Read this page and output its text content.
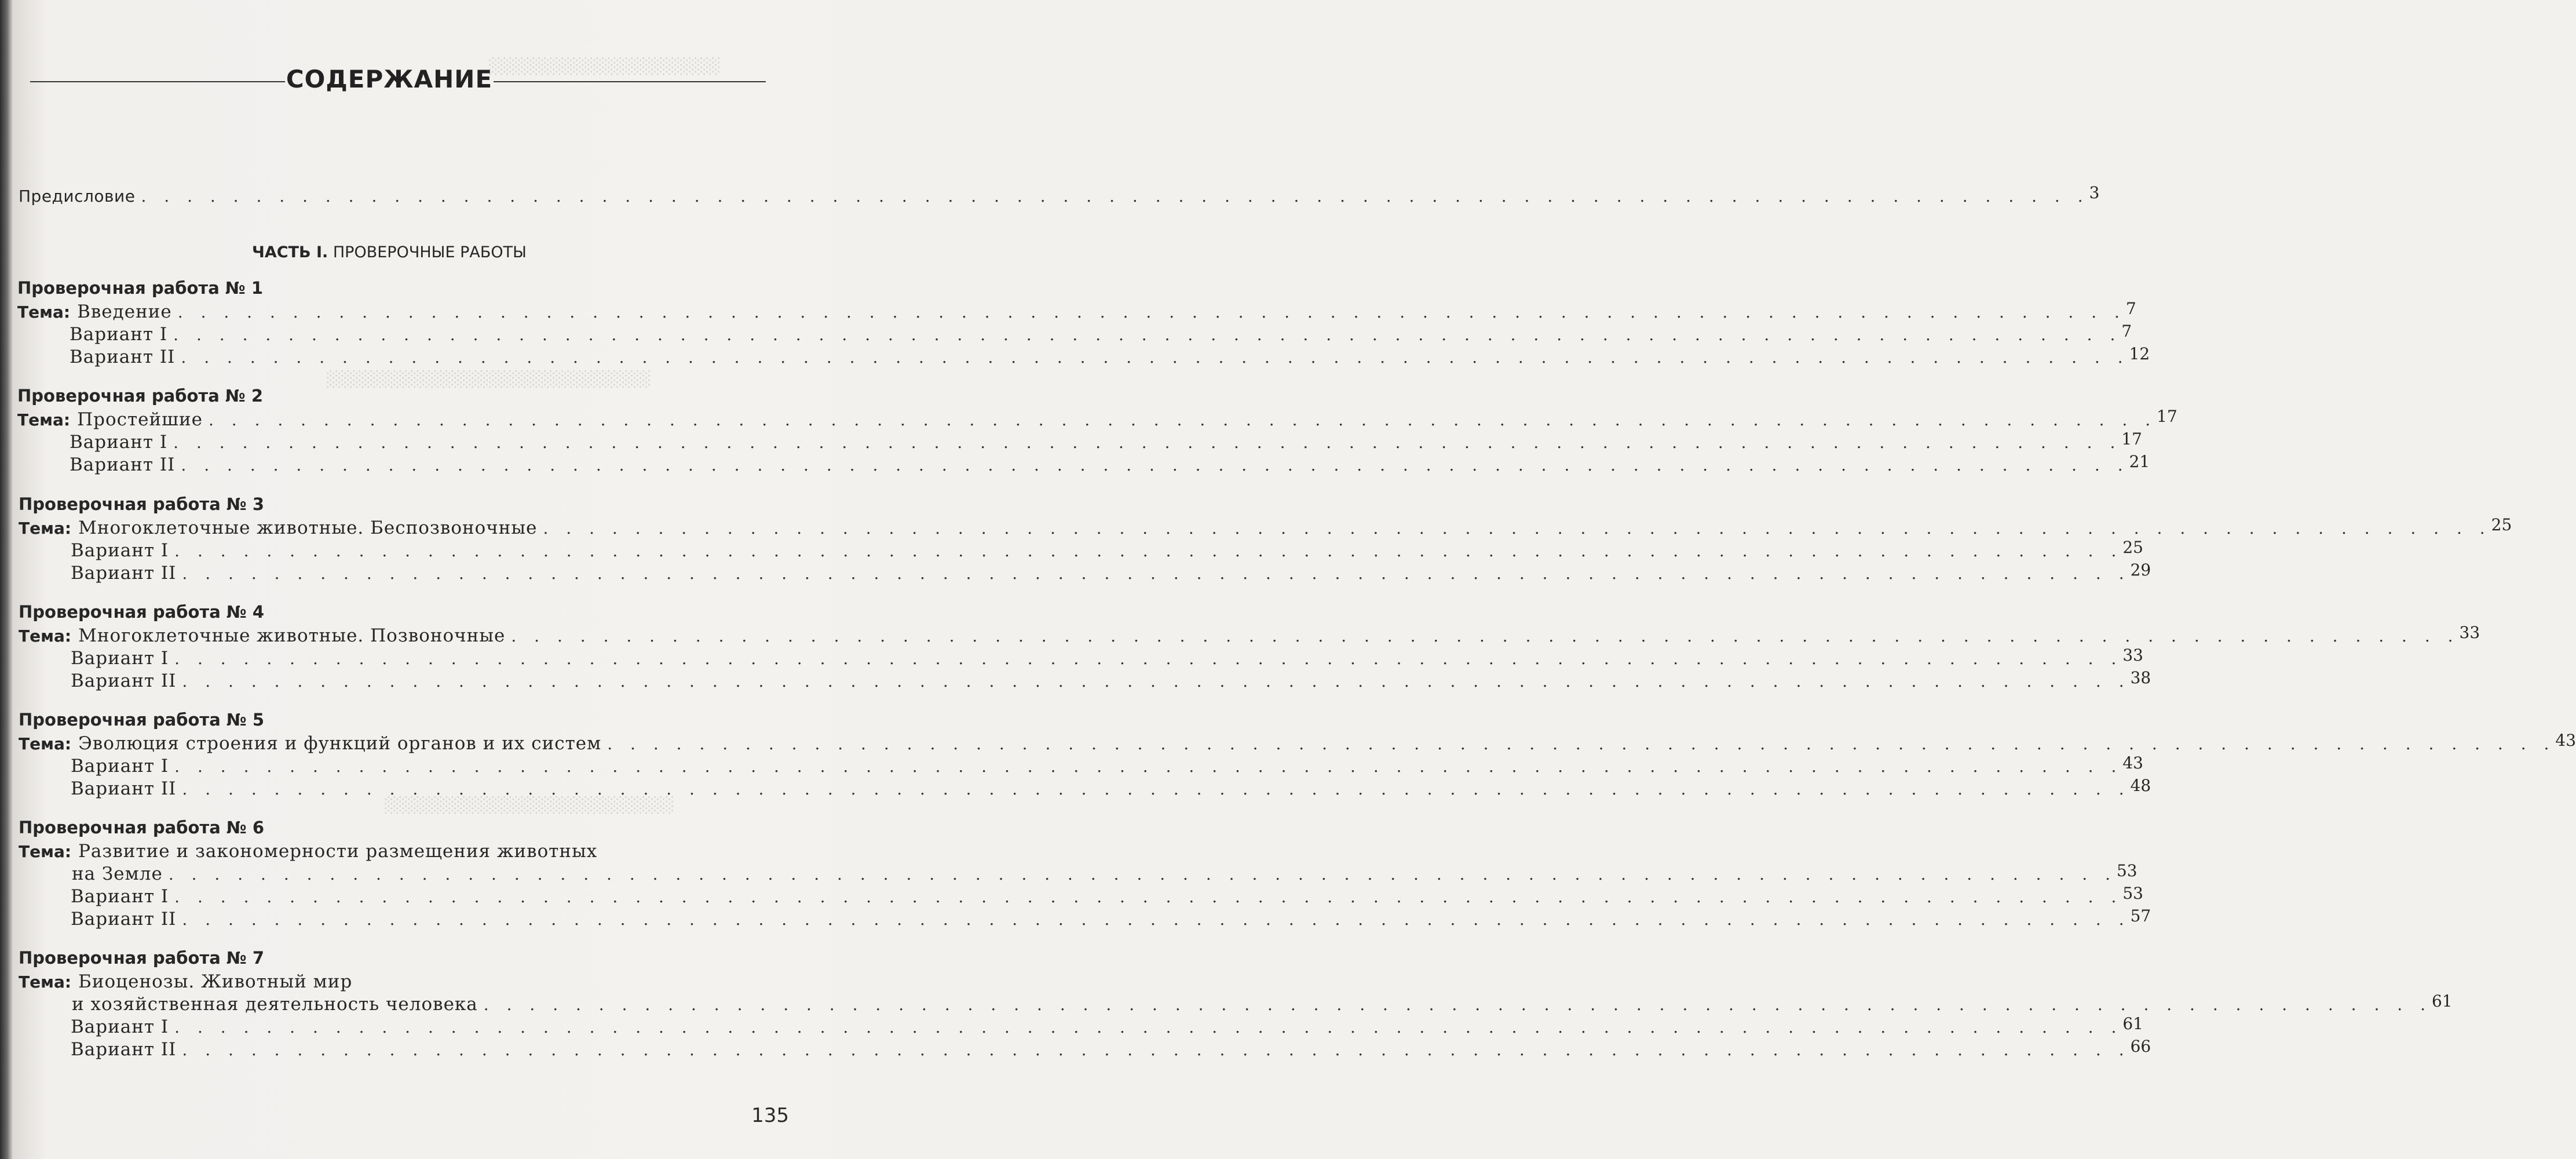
░░░░░░░░░░░░░░░░░░░░
░░░░░░░░░░░░░░░░░░░░░░░░░░░░
░░░░░░░░░░░░░░░░░░░░░░░░░
СОДЕРЖАНИЕ
Предисловие . . . . . . . . . . . . . . . . . . . . . . . . . . . . . . . . . . . . . . . . . . . . . . . . . . . . . . . . . . . . . . . . . . . . . . . . . . . . . . . . . . . . . 3
ЧАСТЬ I. ПРОВЕРОЧНЫЕ РАБОТЫ
Проверочная работа № 1
Тема: Введение . . . . . . . . . . . . . . . . . . . . . . . . . . . . . . . . . . . . . . . . . . . . . . . . . . . . . . . . . . . . . . . . . . . . . . . . . . . . . . . . . . . . . 7
Вариант I . . . . . . . . . . . . . . . . . . . . . . . . . . . . . . . . . . . . . . . . . . . . . . . . . . . . . . . . . . . . . . . . . . . . . . . . . . . . . . . . . . . . . 7
Вариант II . . . . . . . . . . . . . . . . . . . . . . . . . . . . . . . . . . . . . . . . . . . . . . . . . . . . . . . . . . . . . . . . . . . . . . . . . . . . . . . . . . . . . 12
Проверочная работа № 2
Тема: Простейшие . . . . . . . . . . . . . . . . . . . . . . . . . . . . . . . . . . . . . . . . . . . . . . . . . . . . . . . . . . . . . . . . . . . . . . . . . . . . . . . . . . . . . 17
Вариант I . . . . . . . . . . . . . . . . . . . . . . . . . . . . . . . . . . . . . . . . . . . . . . . . . . . . . . . . . . . . . . . . . . . . . . . . . . . . . . . . . . . . . 17
Вариант II . . . . . . . . . . . . . . . . . . . . . . . . . . . . . . . . . . . . . . . . . . . . . . . . . . . . . . . . . . . . . . . . . . . . . . . . . . . . . . . . . . . . . 21
Проверочная работа № 3
Тема: Многоклеточные животные. Беспозвоночные . . . . . . . . . . . . . . . . . . . . . . . . . . . . . . . . . . . . . . . . . . . . . . . . . . . . . . . . . . . . . . . . . . . . . . . . . . . . . . . . . . . . . 25
Вариант I . . . . . . . . . . . . . . . . . . . . . . . . . . . . . . . . . . . . . . . . . . . . . . . . . . . . . . . . . . . . . . . . . . . . . . . . . . . . . . . . . . . . . 25
Вариант II . . . . . . . . . . . . . . . . . . . . . . . . . . . . . . . . . . . . . . . . . . . . . . . . . . . . . . . . . . . . . . . . . . . . . . . . . . . . . . . . . . . . . 29
Проверочная работа № 4
Тема: Многоклеточные животные. Позвоночные . . . . . . . . . . . . . . . . . . . . . . . . . . . . . . . . . . . . . . . . . . . . . . . . . . . . . . . . . . . . . . . . . . . . . . . . . . . . . . . . . . . . . 33
Вариант I . . . . . . . . . . . . . . . . . . . . . . . . . . . . . . . . . . . . . . . . . . . . . . . . . . . . . . . . . . . . . . . . . . . . . . . . . . . . . . . . . . . . . 33
Вариант II . . . . . . . . . . . . . . . . . . . . . . . . . . . . . . . . . . . . . . . . . . . . . . . . . . . . . . . . . . . . . . . . . . . . . . . . . . . . . . . . . . . . . 38
Проверочная работа № 5
Тема: Эволюция строения и функций органов и их систем . . . . . . . . . . . . . . . . . . . . . . . . . . . . . . . . . . . . . . . . . . . . . . . . . . . . . . . . . . . . . . . . . . . . . . . . . . . . . . . . . . . . . 43
Вариант I . . . . . . . . . . . . . . . . . . . . . . . . . . . . . . . . . . . . . . . . . . . . . . . . . . . . . . . . . . . . . . . . . . . . . . . . . . . . . . . . . . . . . 43
Вариант II . . . . . . . . . . . . . . . . . . . . . . . . . . . . . . . . . . . . . . . . . . . . . . . . . . . . . . . . . . . . . . . . . . . . . . . . . . . . . . . . . . . . . 48
Проверочная работа № 6
Тема: Развитие и закономерности размещения животных
на Земле . . . . . . . . . . . . . . . . . . . . . . . . . . . . . . . . . . . . . . . . . . . . . . . . . . . . . . . . . . . . . . . . . . . . . . . . . . . . . . . . . . . . . 53
Вариант I . . . . . . . . . . . . . . . . . . . . . . . . . . . . . . . . . . . . . . . . . . . . . . . . . . . . . . . . . . . . . . . . . . . . . . . . . . . . . . . . . . . . . 53
Вариант II . . . . . . . . . . . . . . . . . . . . . . . . . . . . . . . . . . . . . . . . . . . . . . . . . . . . . . . . . . . . . . . . . . . . . . . . . . . . . . . . . . . . . 57
Проверочная работа № 7
Тема: Биоценозы. Животный мир
и хозяйственная деятельность человека . . . . . . . . . . . . . . . . . . . . . . . . . . . . . . . . . . . . . . . . . . . . . . . . . . . . . . . . . . . . . . . . . . . . . . . . . . . . . . . . . . . . . 61
Вариант I . . . . . . . . . . . . . . . . . . . . . . . . . . . . . . . . . . . . . . . . . . . . . . . . . . . . . . . . . . . . . . . . . . . . . . . . . . . . . . . . . . . . . 61
Вариант II . . . . . . . . . . . . . . . . . . . . . . . . . . . . . . . . . . . . . . . . . . . . . . . . . . . . . . . . . . . . . . . . . . . . . . . . . . . . . . . . . . . . . 66
135
